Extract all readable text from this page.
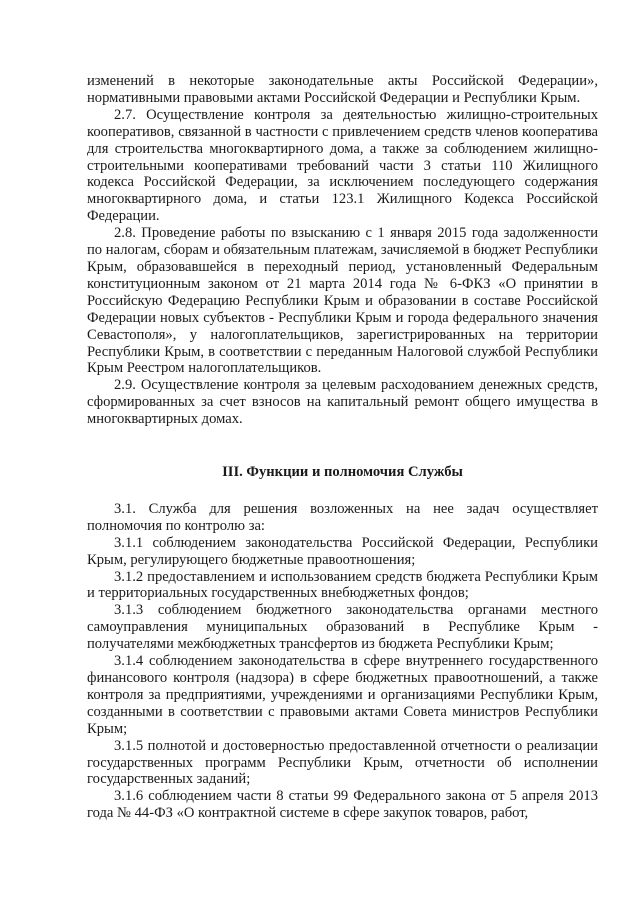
изменений в некоторые законодательные акты Российской Федерации», нормативными правовыми актами Российской Федерации и Республики Крым.

2.7. Осуществление контроля за деятельностью жилищно-строительных кооперативов, связанной в частности с привлечением средств членов кооператива для строительства многоквартирного дома, а также за соблюдением жилищно-строительными кооперативами требований части 3 статьи 110 Жилищного кодекса Российской Федерации, за исключением последующего содержания многоквартирного дома, и статьи 123.1 Жилищного Кодекса Российской Федерации.

2.8. Проведение работы по взысканию с 1 января 2015 года задолженности по налогам, сборам и обязательным платежам, зачисляемой в бюджет Республики Крым, образовавшейся в переходный период, установленный Федеральным конституционным законом от 21 марта 2014 года № 6-ФКЗ «О принятии в Российскую Федерацию Республики Крым и образовании в составе Российской Федерации новых субъектов - Республики Крым и города федерального значения Севастополя», у налогоплательщиков, зарегистрированных на территории Республики Крым, в соответствии с переданным Налоговой службой Республики Крым Реестром налогоплательщиков.

2.9. Осуществление контроля за целевым расходованием денежных средств, сформированных за счет взносов на капитальный ремонт общего имущества в многоквартирных домах.

III. Функции и полномочия Службы

3.1. Служба для решения возложенных на нее задач осуществляет полномочия по контролю за:

3.1.1 соблюдением законодательства Российской Федерации, Республики Крым, регулирующего бюджетные правоотношения;

3.1.2 предоставлением и использованием средств бюджета Республики Крым и территориальных государственных внебюджетных фондов;

3.1.3 соблюдением бюджетного законодательства органами местного самоуправления муниципальных образований в Республике Крым - получателями межбюджетных трансфертов из бюджета Республики Крым;

3.1.4 соблюдением законодательства в сфере внутреннего государственного финансового контроля (надзора) в сфере бюджетных правоотношений, а также контроля за предприятиями, учреждениями и организациями Республики Крым, созданными в соответствии с правовыми актами Совета министров Республики Крым;

3.1.5 полнотой и достоверностью предоставленной отчетности о реализации государственных программ Республики Крым, отчетности об исполнении государственных заданий;

3.1.6 соблюдением части 8 статьи 99 Федерального закона от 5 апреля 2013 года № 44-ФЗ «О контрактной системе в сфере закупок товаров, работ,
